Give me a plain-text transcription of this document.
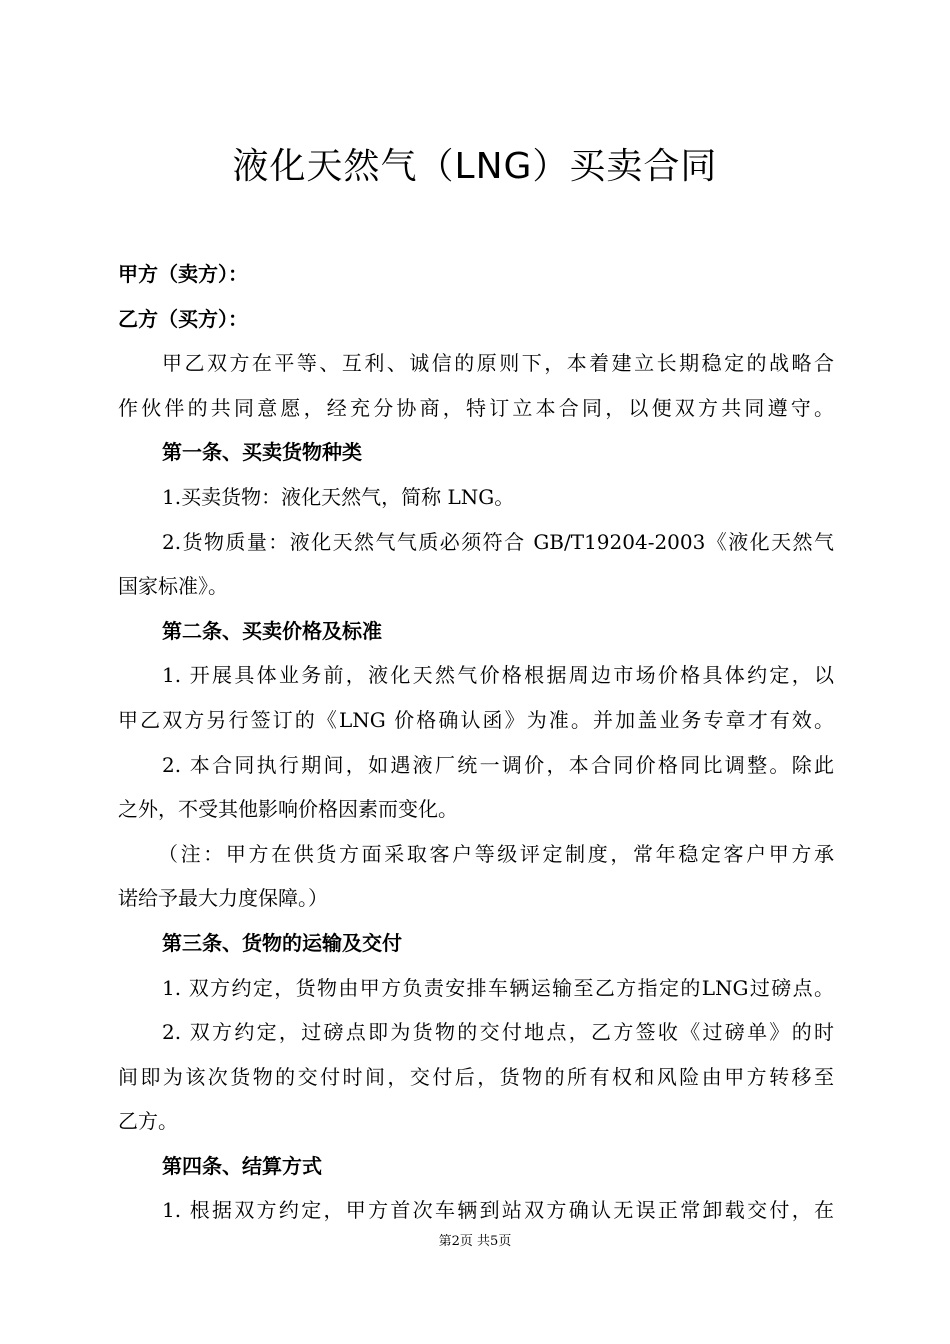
液化天然气（LNG）买卖合同
甲方（卖方）：
乙方（买方）：
甲乙双方在平等、互利、诚信的原则下，本着建立长期稳定的战略合
作伙伴的共同意愿，经充分协商，特订立本合同，以便双方共同遵守。
第一条、买卖货物种类
1.买卖货物：液化天然气，简称 LNG。
2.货物质量：液化天然气气质必须符合 GB/T19204-2003《液化天然气
国家标准》。
第二条、买卖价格及标准
1. 开展具体业务前，液化天然气价格根据周边市场价格具体约定，以
甲乙双方另行签订的《LNG 价格确认函》为准。并加盖业务专章才有效。
2. 本合同执行期间，如遇液厂统一调价，本合同价格同比调整。除此
之外，不受其他影响价格因素而变化。
（注：甲方在供货方面采取客户等级评定制度，常年稳定客户甲方承
诺给予最大力度保障。）
第三条、货物的运输及交付
1. 双方约定，货物由甲方负责安排车辆运输至乙方指定的LNG过磅点。
2. 双方约定，过磅点即为货物的交付地点，乙方签收《过磅单》的时
间即为该次货物的交付时间，交付后，货物的所有权和风险由甲方转移至
乙方。
第四条、结算方式
1. 根据双方约定，甲方首次车辆到站双方确认无误正常卸载交付，在
第2页 共5页
